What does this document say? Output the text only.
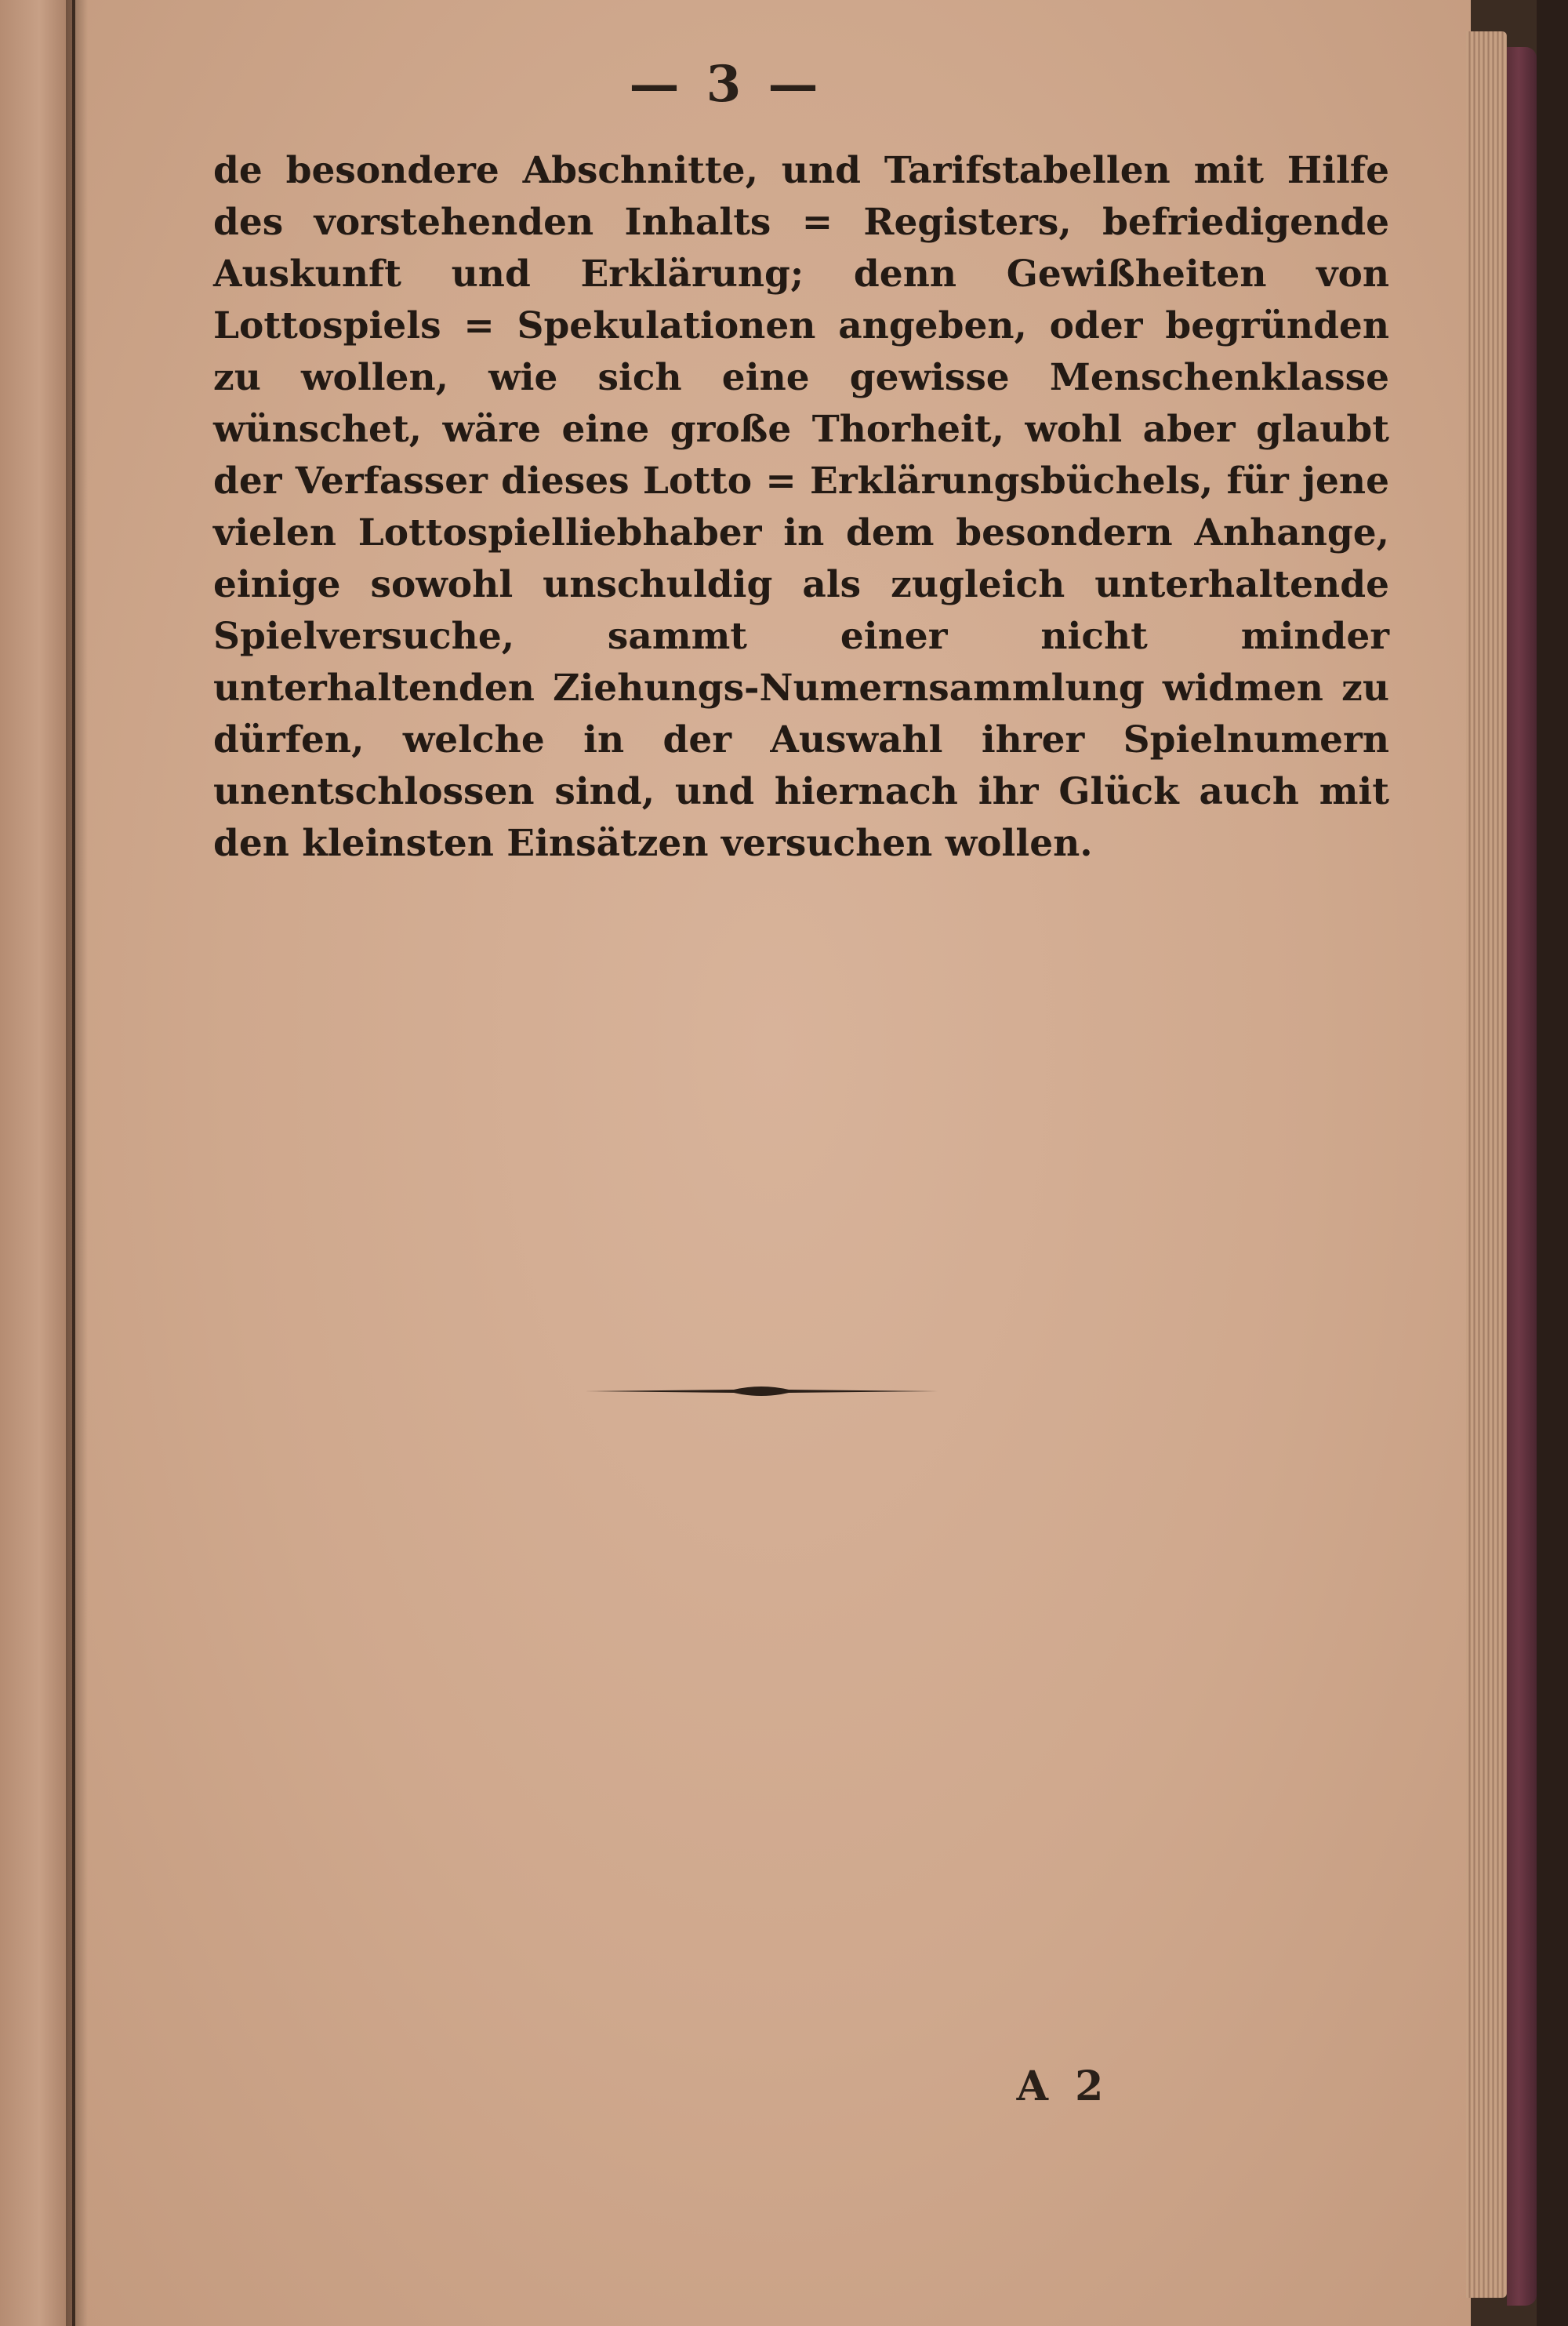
— 3 —

de besondere Abschnitte, und Tarifstabellen mit Hilfe des vorstehenden Inhalts = Registers, befriedigende Auskunft und Erklärung; denn Gewißheiten von Lottospiels = Spekulationen angeben, oder begründen zu wollen, wie sich eine gewisse Menschenklasse wünschet, wäre eine große Thorheit, wohl aber glaubt der Verfasser dieses Lotto = Erklärungsbüchels, für jene vielen Lottospielliebhaber in dem besondern Anhange, einige sowohl unschuldig als zugleich unterhaltende Spielversuche, sammt einer nicht minder unterhaltenden Ziehungs-Numernsammlung widmen zu dürfen, welche in der Auswahl ihrer Spielnumern unentschlossen sind, und hiernach ihr Glück auch mit den kleinsten Einsätzen versuchen wollen.

A 2
